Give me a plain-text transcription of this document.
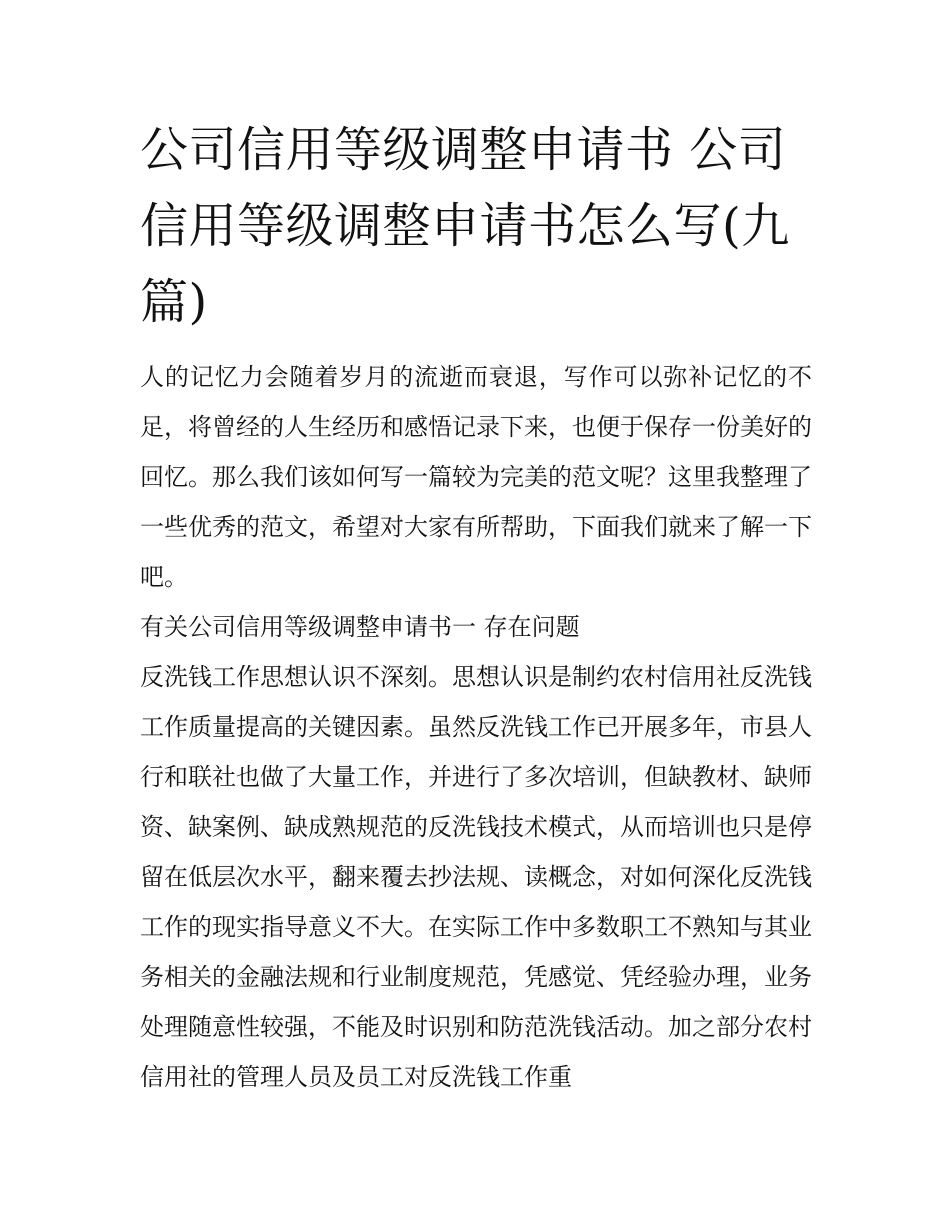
公司信用等级调整申请书 公司信用等级调整申请书怎么写(九篇)

人的记忆力会随着岁月的流逝而衰退，写作可以弥补记忆的不足，将曾经的人生经历和感悟记录下来，也便于保存一份美好的回忆。那么我们该如何写一篇较为完美的范文呢？这里我整理了一些优秀的范文，希望对大家有所帮助，下面我们就来了解一下吧。

有关公司信用等级调整申请书一 存在问题

反洗钱工作思想认识不深刻。思想认识是制约农村信用社反洗钱工作质量提高的关键因素。虽然反洗钱工作已开展多年，市县人行和联社也做了大量工作，并进行了多次培训，但缺教材、缺师资、缺案例、缺成熟规范的反洗钱技术模式，从而培训也只是停留在低层次水平，翻来覆去抄法规、读概念，对如何深化反洗钱工作的现实指导意义不大。在实际工作中多数职工不熟知与其业务相关的金融法规和行业制度规范，凭感觉、凭经验办理，业务处理随意性较强，不能及时识别和防范洗钱活动。加之部分农村信用社的管理人员及员工对反洗钱工作重
